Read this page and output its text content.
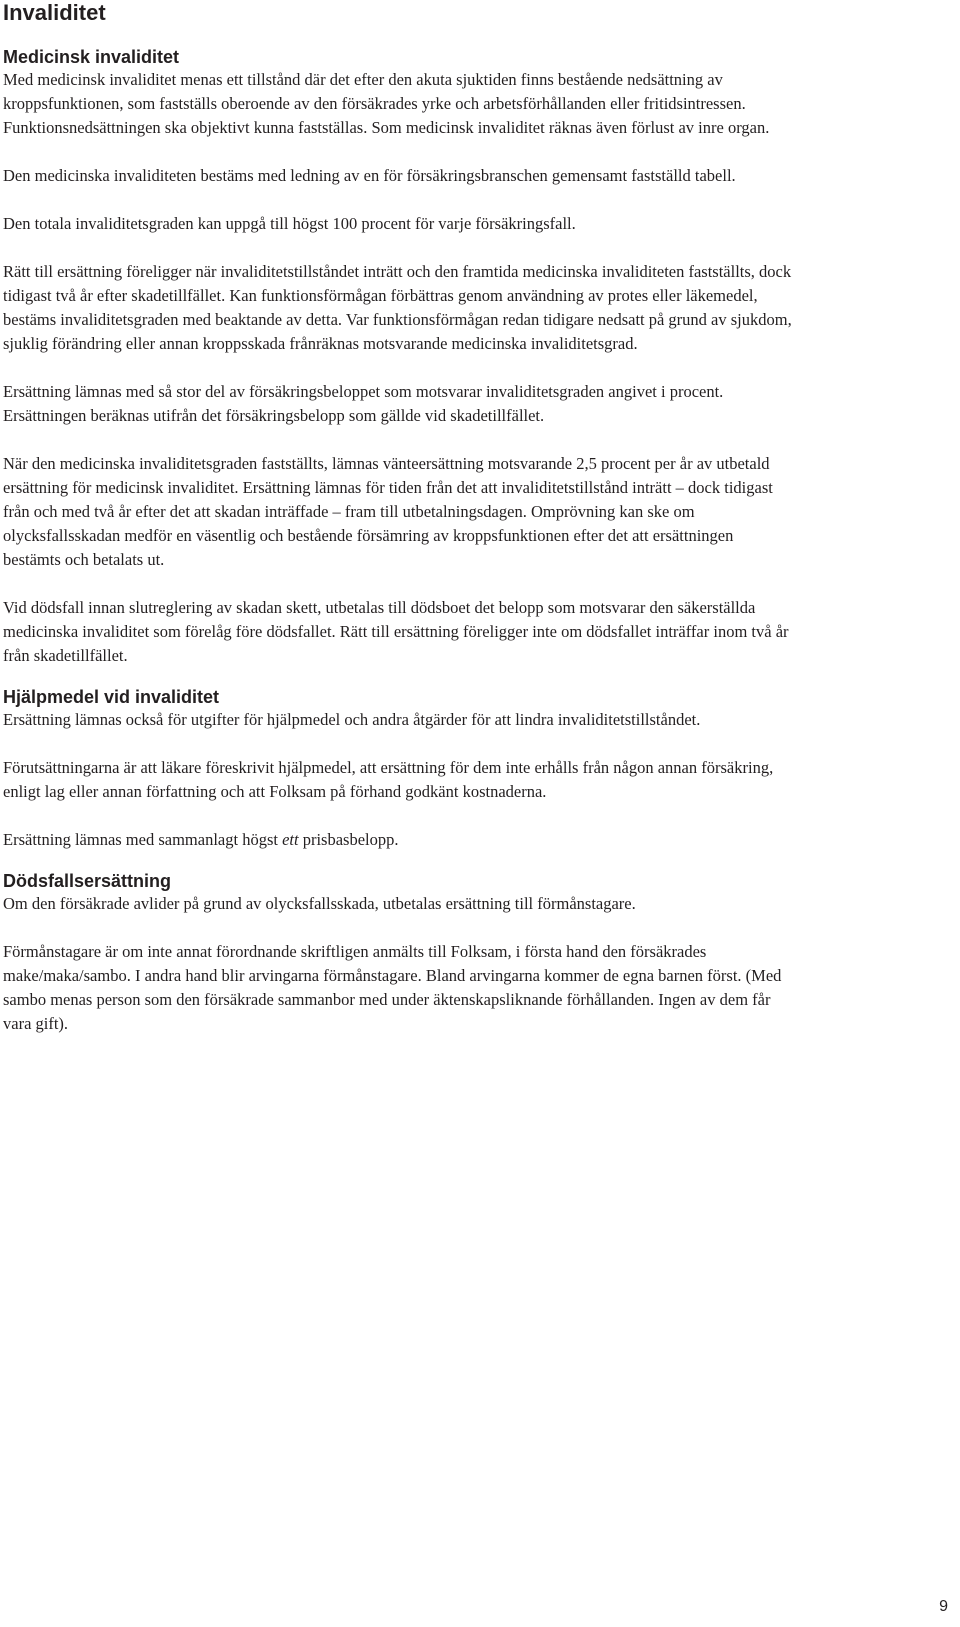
Invaliditet
Medicinsk invaliditet

Med medicinsk invaliditet menas ett tillstånd där det efter den akuta sjuktiden finns bestående nedsättning av kroppsfunktionen, som fastställs oberoende av den försäkrades yrke och arbetsförhållanden eller fritidsintressen. Funktionsnedsättningen ska objektivt kunna fastställas. Som medicinsk invaliditet räknas även förlust av inre organ.

Den medicinska invaliditeten bestäms med ledning av en för försäkringsbranschen gemensamt fastställd tabell.

Den totala invaliditetsgraden kan uppgå till högst 100 procent för varje försäkringsfall.

Rätt till ersättning föreligger när invaliditetstillståndet inträtt och den framtida medicinska invaliditeten fastställts, dock tidigast två år efter skadetillfället. Kan funktionsförmågan förbättras genom användning av protes eller läkemedel, bestäms invaliditetsgraden med beaktande av detta. Var funktionsförmågan redan tidigare nedsatt på grund av sjukdom, sjuklig förändring eller annan kroppsskada frånräknas motsvarande medicinska invaliditetsgrad.

Ersättning lämnas med så stor del av försäkringsbeloppet som motsvarar invaliditetsgraden angivet i procent. Ersättningen beräknas utifrån det försäkringsbelopp som gällde vid skadetillfället.

När den medicinska invaliditetsgraden fastställts, lämnas vänteersättning motsvarande 2,5 procent per år av utbetald ersättning för medicinsk invaliditet. Ersättning lämnas för tiden från det att invaliditetstillstånd inträtt – dock tidigast från och med två år efter det att skadan inträffade – fram till utbetalningsdagen. Omprövning kan ske om olycksfallsskadan medför en väsentlig och bestående försämring av kroppsfunktionen efter det att ersättningen bestämts och betalats ut.

Vid dödsfall innan slutreglering av skadan skett, utbetalas till dödsboet det belopp som motsvarar den säkerställda medicinska invaliditet som förelåg före dödsfallet. Rätt till ersättning föreligger inte om dödsfallet inträffar inom två år från skadetillfället.

Hjälpmedel vid invaliditet

Ersättning lämnas också för utgifter för hjälpmedel och andra åtgärder för att lindra invaliditetstillståndet.

Förutsättningarna är att läkare föreskrivit hjälpmedel, att ersättning för dem inte erhålls från någon annan försäkring, enligt lag eller annan författning och att Folksam på förhand godkänt kostnaderna.

Ersättning lämnas med sammanlagt högst ett prisbasbelopp.

Dödsfallsersättning

Om den försäkrade avlider på grund av olycksfallsskada, utbetalas ersättning till förmånstagare.

Förmånstagare är om inte annat förordnande skriftligen anmälts till Folksam, i första hand den försäkrades make/maka/sambo. I andra hand blir arvingarna förmånstagare. Bland arvingarna kommer de egna barnen först. (Med sambo menas person som den försäkrade sammanbor med under äktenskapsliknande förhållanden. Ingen av dem får vara gift).

9
